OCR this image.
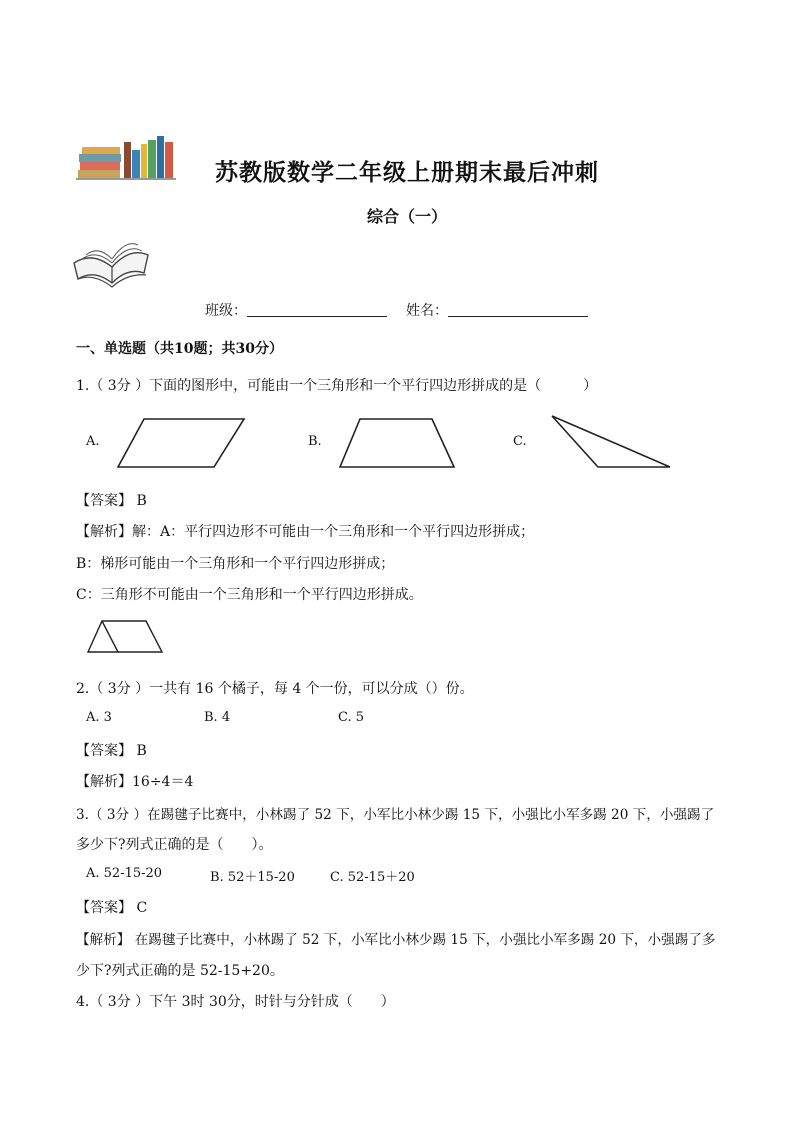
苏教版数学二年级上册期末最后冲刺
综合（一）
班级：	姓名：
一、单选题（共10题；共30分）
1.（ 3分 ）下面的图形中，可能由一个三角形和一个平行四边形拼成的是（　　　）
A.	B.	C.
【答案】 B
【解析】解：A：平行四边形不可能由一个三角形和一个平行四边形拼成；
B：梯形可能由一个三角形和一个平行四边形拼成；
C：三角形不可能由一个三角形和一个平行四边形拼成。
2.（ 3分 ）一共有 16 个橘子，每 4 个一份，可以分成（）份。
A. 3	B. 4	C. 5
【答案】 B
【解析】16÷4＝4
3.（ 3分 ）在踢毽子比赛中，小林踢了 52 下，小军比小林少踢 15 下，小强比小军多踢 20 下，小强踢了
多少下?列式正确的是（　　）。
A. 52-15-20	B. 52＋15-20	C. 52-15＋20
【答案】 C
【解析】 在踢毽子比赛中，小林踢了 52 下，小军比小林少踢 15 下，小强比小军多踢 20 下，小强踢了多
少下?列式正确的是 52-15+20。
4.（ 3分 ）下午 3时 30分，时针与分针成（　　）
